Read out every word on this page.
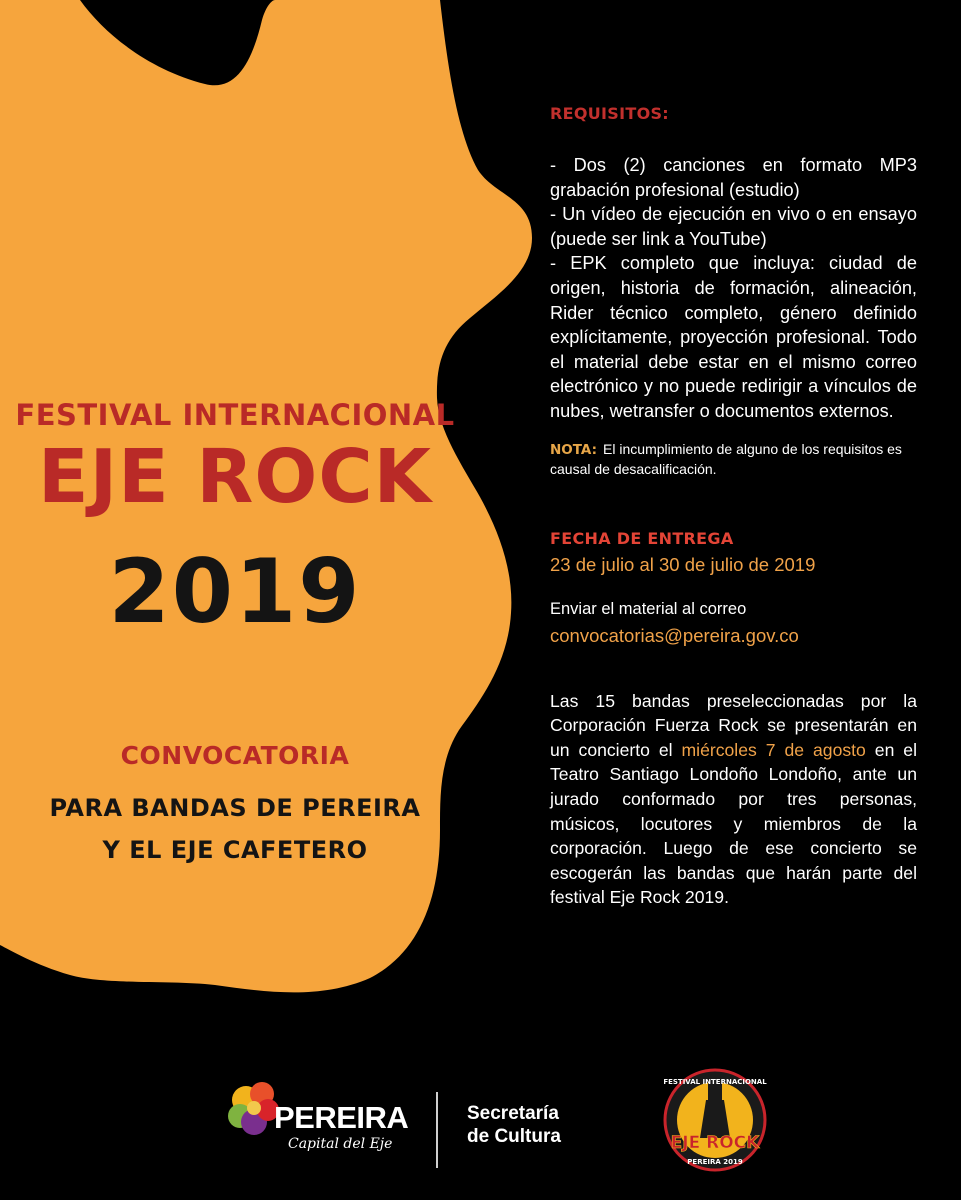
FESTIVAL INTERNACIONAL
EJE ROCK
2019
CONVOCATORIA
PARA BANDAS DE PEREIRA
Y EL EJE CAFETERO
REQUISITOS:

- Dos (2) canciones en formato MP3 grabación profesional (estudio)

- Un vídeo de ejecución en vivo o en ensayo (puede ser link a YouTube)

- EPK completo que incluya: ciudad de origen, historia de formación, alineación, Rider técnico completo, género definido explícitamente, proyección profesional. Todo el material debe estar en el mismo correo electrónico y no puede redirigir a vínculos de nubes, wetransfer o documentos externos.

NOTA: El incumplimiento de alguno de los requisitos es causal de desacalificación.
FECHA DE ENTREGA
23 de julio al 30 de julio de 2019
Enviar el material al correo
convocatorias@pereira.gov.co

Las 15 bandas preseleccionadas por la Corporación Fuerza Rock se presentarán en un concierto el miércoles 7 de agosto en el Teatro Santiago Londoño Londoño, ante un jurado conformado por tres personas, músicos, locutores y miembros de la corporación. Luego de ese concierto se escogerán las bandas que harán parte del festival Eje Rock 2019.

PEREIRA
Capital del Eje
Secretaría
de Cultura
FESTIVAL INTERNACIONAL
EJE ROCK
PEREIRA 2019
